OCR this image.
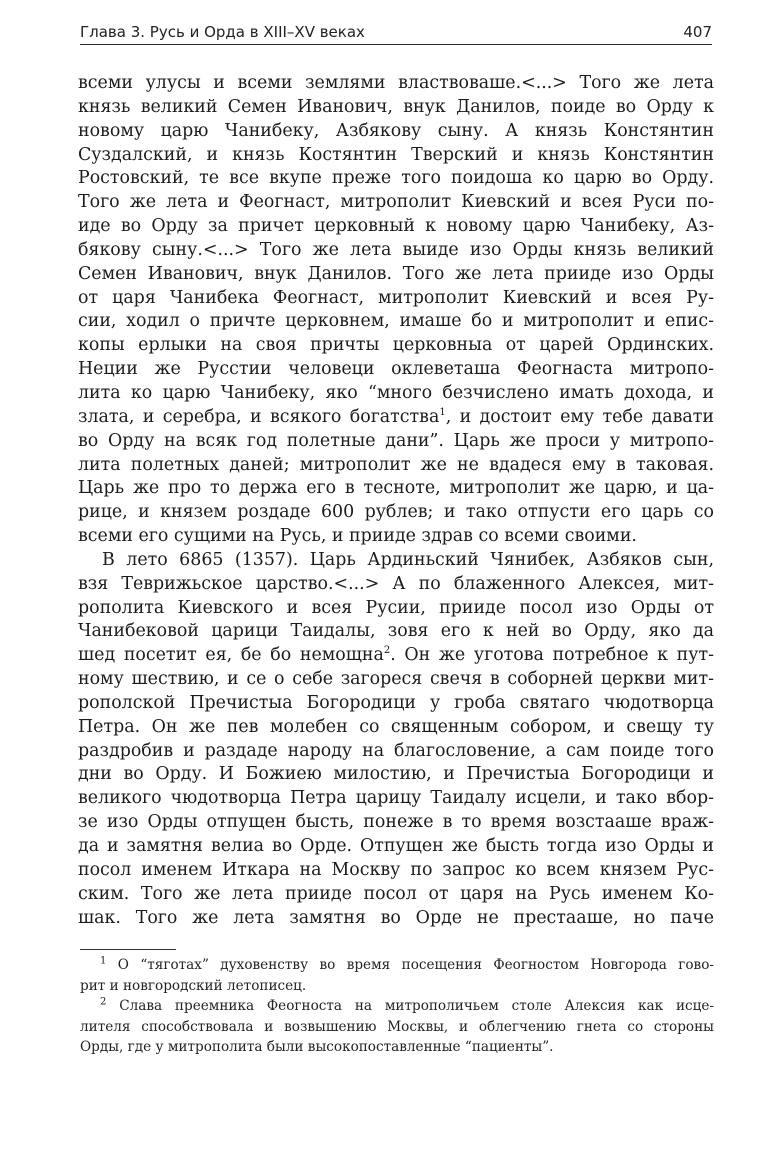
Глава 3. Русь и Орда в XIII–XV веках	407
всеми улусы и всеми землями властвоваше.<...> Того же лета
князь великий Семен Иванович, внук Данилов, поиде во Орду к
новому царю Чанибеку, Азбякову сыну. А князь Констянтин
Суздалский, и князь Костянтин Тверский и князь Констянтин
Ростовский, те все вкупе преже того поидоша ко царю во Орду.
Того же лета и Феогнаст, митрополит Киевский и всея Руси по-
иде во Орду за причет церковный к новому царю Чанибеку, Аз-
бякову сыну.<...> Того же лета выиде изо Орды князь великий
Семен Иванович, внук Данилов. Того же лета прииде изо Орды
от царя Чанибека Феогнаст, митрополит Киевский и всея Ру-
сии, ходил о причте церковнем, имаше бо и митрополит и епис-
копы ерлыки на своя причты церковныа от царей Ординских.
Неции же Русстии человеци оклеветаша Феогнаста митропо-
лита ко царю Чанибеку, яко “много безчислено имать дохода, и
злата, и серебра, и всякого богатства$^1$, и достоит ему тебе давати
во Орду на всяк год полетные дани”. Царь же проси у митропо-
лита полетных даней; митрополит же не вдадеся ему в таковая.
Царь же про то держа его в тесноте, митрополит же царю, и ца-
рице, и князем роздаде 600 рублев; и тако отпусти его царь со
всеми его сущими на Русь, и прииде здрав со всеми своими.
В лето 6865 (1357). Царь Ардиньский Чянибек, Азбяков сын,
взя Теврижьское царство.<...> А по блаженного Алексея, мит-
рополита Киевского и всея Русии, прииде посол изо Орды от
Чанибековой царици Таидалы, зовя его к ней во Орду, яко да
шед посетит ея, бе бо немощна$^2$. Он же уготова потребное к пут-
ному шествию, и се о себе загореся свечя в соборней церкви мит-
рополской Пречистыа Богородици у гроба святаго чюдотворца
Петра. Он же пев молебен со священным собором, и свещу ту
раздробив и раздаде народу на благословение, а сам поиде того
дни во Орду. И Божиею милостию, и Пречистыа Богородици и
великого чюдотворца Петра царицу Таидалу исцели, и тако вбор-
зе изо Орды отпущен бысть, понеже в то время возстааше враж-
да и замятня велиа во Орде. Отпущен же бысть тогда изо Орды и
посол именем Иткара на Москву по запрос ко всем князем Рус-
ским. Того же лета прииде посол от царя на Русь именем Ко-
шак. Того же лета замятня во Орде не престааше, но паче
$^1$ О “тяготах” духовенству во время посещения Феогностом Новгорода гово-
рит и новгородский летописец.
$^2$ Слава преемника Феогноста на митрополичьем столе Алексия как исце-
лителя способствовала и возвышению Москвы, и облегчению гнета со стороны
Орды, где у митрополита были высокопоставленные “пациенты”.
